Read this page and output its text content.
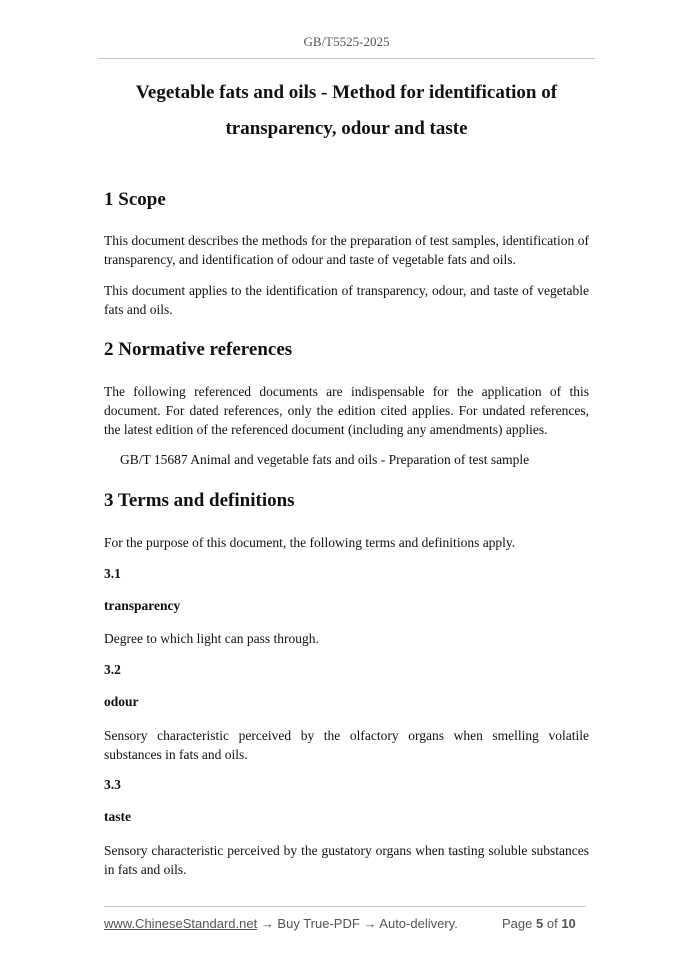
GB/T5525-2025
Vegetable fats and oils - Method for identification of
transparency, odour and taste
1 Scope
This document describes the methods for the preparation of test samples, identification of transparency, and identification of odour and taste of vegetable fats and oils.
This document applies to the identification of transparency, odour, and taste of vegetable fats and oils.
2 Normative references
The following referenced documents are indispensable for the application of this document. For dated references, only the edition cited applies. For undated references, the latest edition of the referenced document (including any amendments) applies.
GB/T 15687 Animal and vegetable fats and oils - Preparation of test sample
3 Terms and definitions
For the purpose of this document, the following terms and definitions apply.
3.1
transparency
Degree to which light can pass through.
3.2
odour
Sensory characteristic perceived by the olfactory organs when smelling volatile substances in fats and oils.
3.3
taste
Sensory characteristic perceived by the gustatory organs when tasting soluble substances in fats and oils.
www.ChineseStandard.net → Buy True-PDF → Auto-delivery.	Page 5 of 10
